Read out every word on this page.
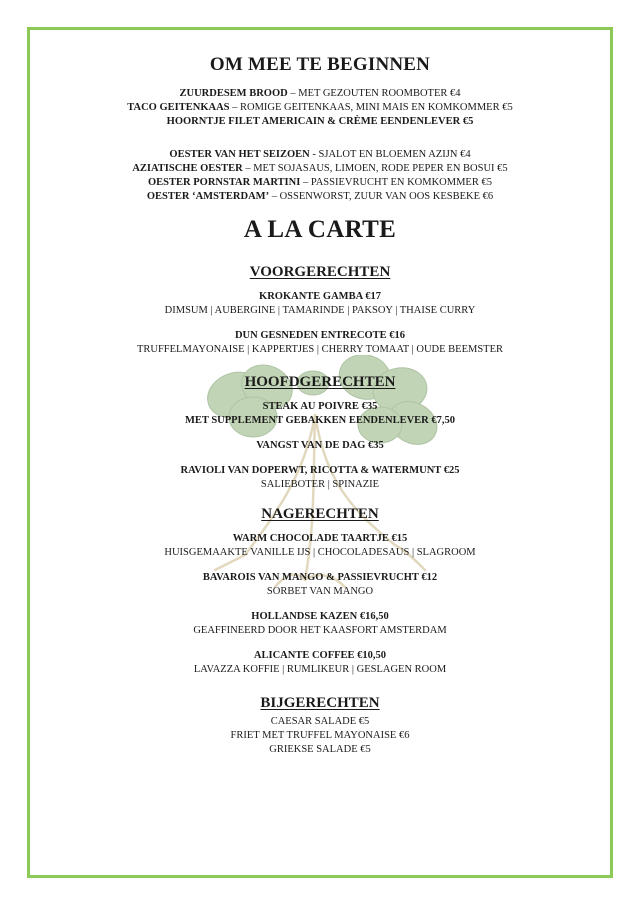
OM MEE TE BEGINNEN
ZUURDESEM BROOD – MET GEZOUTEN ROOMBOTER €4
TACO GEITENKAAS – ROMIGE GEITENKAAS, MINI MAIS EN KOMKOMMER €5
HOORNTJE FILET AMERICAIN & CRÈME EENDENLEVER €5
OESTER VAN HET SEIZOEN - SJALOT EN BLOEMEN AZIJN €4
AZIATISCHE OESTER – MET SOJASAUS, LIMOEN, RODE PEPER EN BOSUI €5
OESTER PORNSTAR MARTINI – PASSIEVRUCHT EN KOMKOMMER €5
OESTER ‘AMSTERDAM’ – OSSENWORST, ZUUR VAN OOS KESBEKE €6
A LA CARTE
VOORGERECHTEN
KROKANTE GAMBA €17
DIMSUM | AUBERGINE | TAMARINDE | PAKSOY | THAISE CURRY
DUN GESNEDEN ENTRECOTE €16
TRUFFELMAYONAISE | KAPPERTJES | CHERRY TOMAAT | OUDE BEEMSTER
HOOFDGERECHTEN
STEAK AU POIVRE €35
MET SUPPLEMENT GEBAKKEN EENDENLEVER €7,50
VANGST VAN DE DAG €35
RAVIOLI VAN DOPERWT, RICOTTA & WATERMUNT €25
SALIEBOTER | SPINAZIE
NAGERECHTEN
WARM CHOCOLADE TAARTJE €15
HUISGEMAAKTE VANILLE IJS | CHOCOLADESAUS | SLAGROOM
BAVAROIS VAN MANGO & PASSIEVRUCHT €12
SORBET VAN MANGO
HOLLANDSE KAZEN €16,50
GEAFFINEERD DOOR HET KAASFORT AMSTERDAM
ALICANTE COFFEE €10,50
LAVAZZA KOFFIE | RUMLIKEUR | GESLAGEN ROOM
BIJGERECHTEN
CAESAR SALADE €5
FRIET MET TRUFFEL MAYONAISE €6
GRIEKSE SALADE €5
